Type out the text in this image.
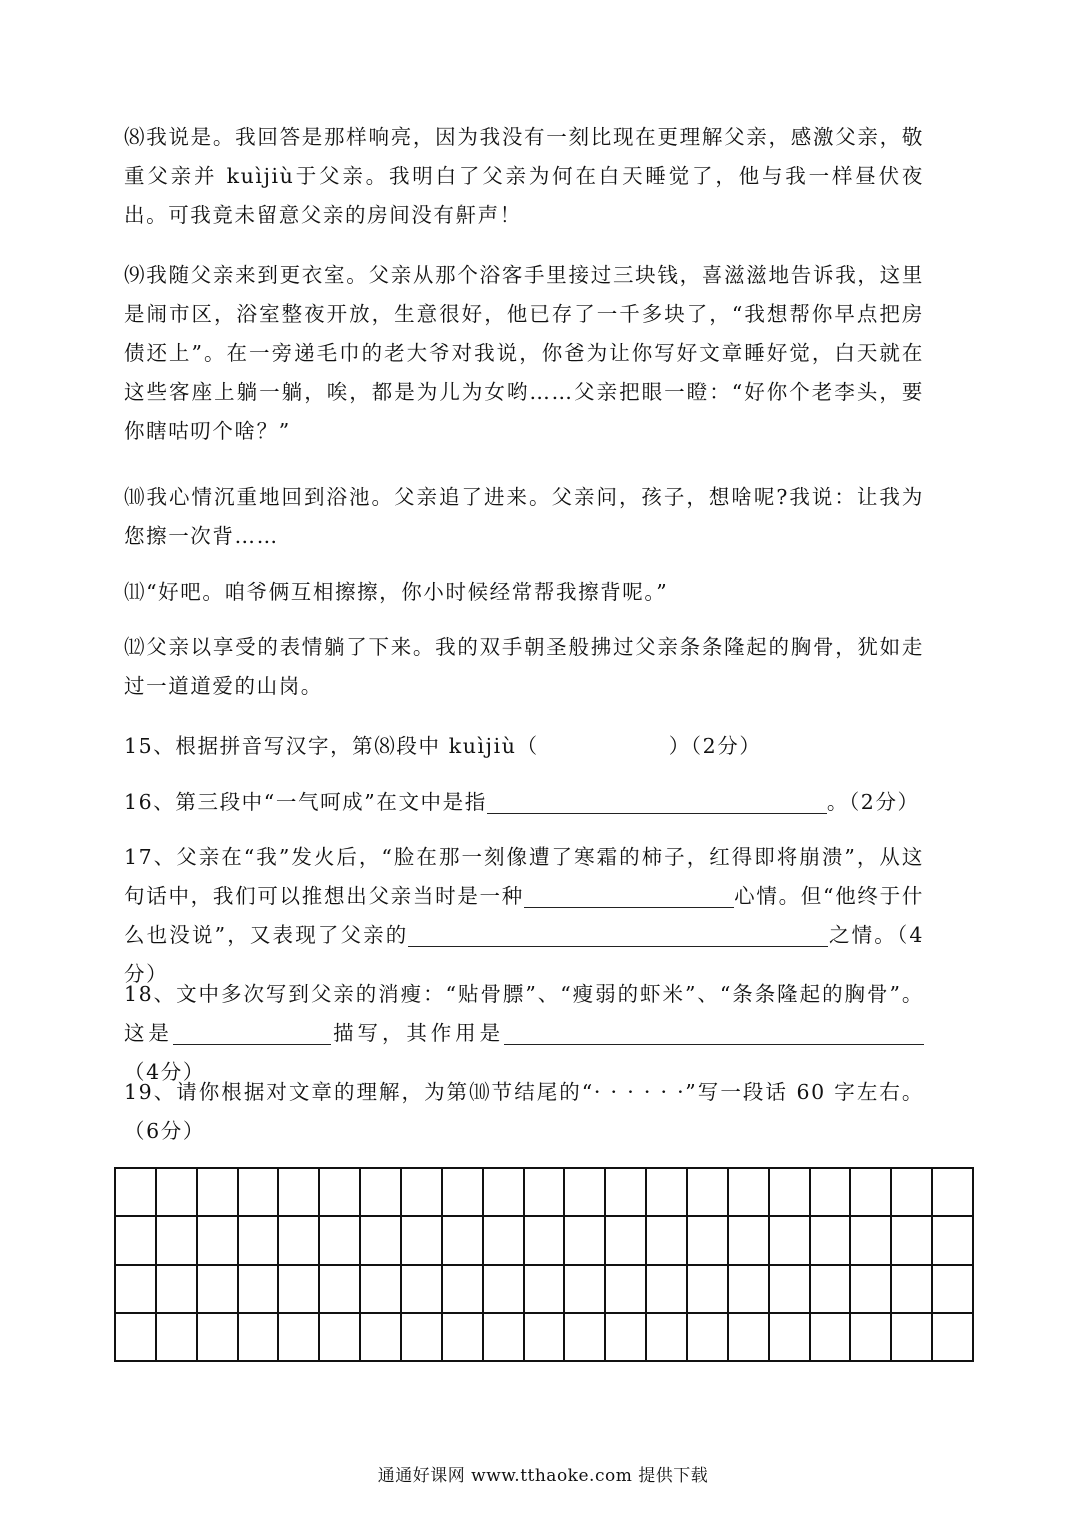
⑻我说是。我回答是那样响亮，因为我没有一刻比现在更理解父亲，感激父亲，敬重父亲并 kuìjiù于父亲。我明白了父亲为何在白天睡觉了，他与我一样昼伏夜出。可我竟未留意父亲的房间没有鼾声！

⑼我随父亲来到更衣室。父亲从那个浴客手里接过三块钱，喜滋滋地告诉我，这里是闹市区，浴室整夜开放，生意很好，他已存了一千多块了，“我想帮你早点把房债还上”。在一旁递毛巾的老大爷对我说，你爸为让你写好文章睡好觉，白天就在这些客座上躺一躺，唉，都是为儿为女哟……父亲把眼一瞪：“好你个老李头，要你瞎咕叨个啥？”

⑽我心情沉重地回到浴池。父亲追了进来。父亲问，孩子，想啥呢?我说：让我为您擦一次背……

⑾“好吧。咱爷俩互相擦擦，你小时候经常帮我擦背呢。”

⑿父亲以享受的表情躺了下来。我的双手朝圣般拂过父亲条条隆起的胸骨，犹如走过一道道爱的山岗。

15、根据拼音写汉字，第⑻段中 kuìjiù（	）（2分）

16、第三段中“一气呵成”在文中是指	。（2分）

17、父亲在“我”发火后，“脸在那一刻像遭了寒霜的柿子，红得即将崩溃”，从这句话中，我们可以推想出父亲当时是一种	心情。但“他终于什么也没说”，又表现了父亲的	之情。（4分）

18、文中多次写到父亲的消瘦：“贴骨膘”、“瘦弱的虾米”、“条条隆起的胸骨”。这是	描写，其作用是（4分）

19、请你根据对文章的理解，为第⑽节结尾的“· · · · · ·”写一段话 60 字左右。（6分）

通通好课网 www.tthaoke.com 提供下载
